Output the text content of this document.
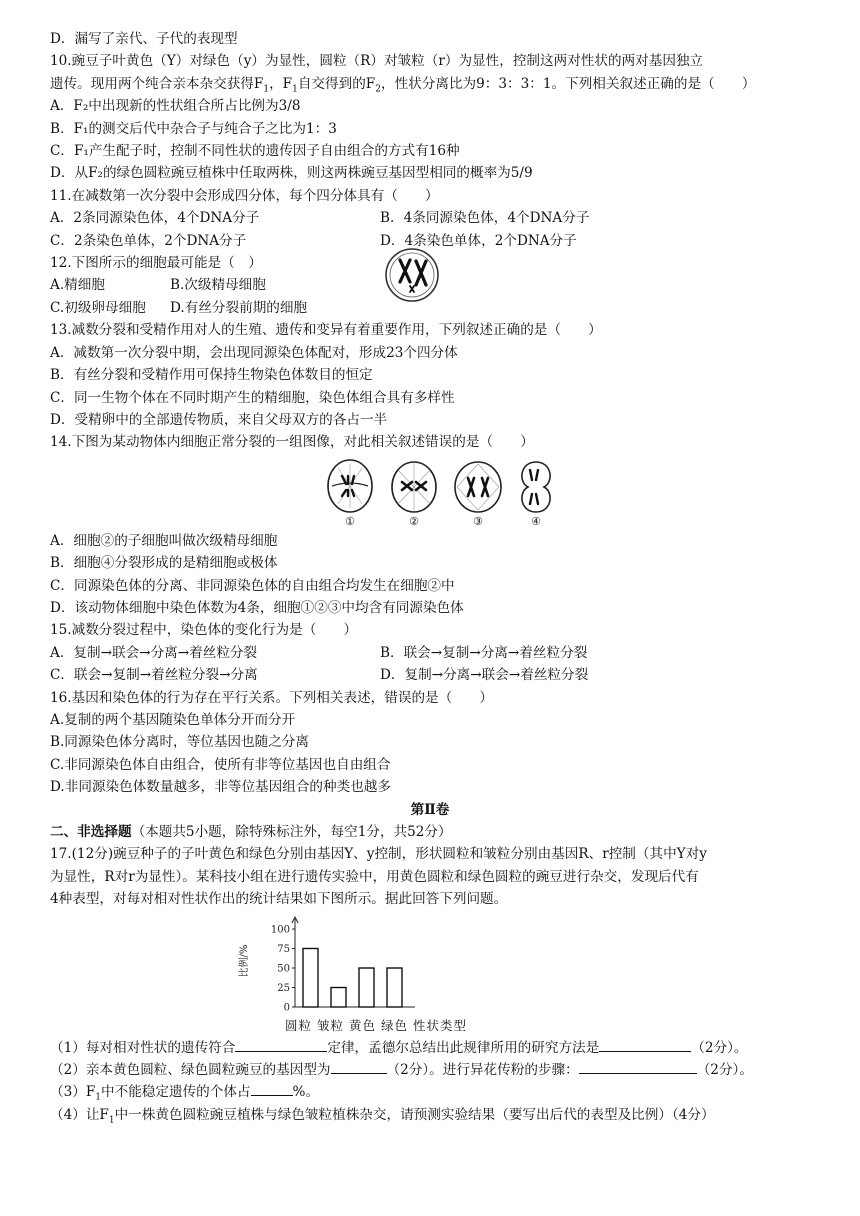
D．漏写了亲代、子代的表现型
10.豌豆子叶黄色（Y）对绿色（y）为显性，圆粒（R）对皱粒（r）为显性，控制这两对性状的两对基因独立
遗传。现用两个纯合亲本杂交获得$F_1$，$F_1$自交得到的$F_2$，性状分离比为9：3：3：1。下列相关叙述正确的是（　　）
A．F₂中出现新的性状组合所占比例为3/8
B．F₁的测交后代中杂合子与纯合子之比为1：3
C．F₁产生配子时，控制不同性状的遗传因子自由组合的方式有16种
D．从F₂的绿色圆粒豌豆植株中任取两株，则这两株豌豆基因型相同的概率为5/9
11.在减数第一次分裂中会形成四分体，每个四分体具有（　　）
A．2条同源染色体，4个DNA分子	B．4条同源染色体，4个DNA分子
C．2条染色单体，2个DNA分子	D．4条染色单体，2个DNA分子
12.下图所示的细胞最可能是（　）
A.精细胞	B.次级精母细胞
C.初级卵母细胞	D.有丝分裂前期的细胞
13.减数分裂和受精作用对人的生殖、遗传和变异有着重要作用，下列叙述正确的是（　　）
A．减数第一次分裂中期，会出现同源染色体配对，形成23个四分体
B．有丝分裂和受精作用可保持生物染色体数目的恒定
C．同一生物个体在不同时期产生的精细胞，染色体组合具有多样性
D．受精卵中的全部遗传物质，来自父母双方的各占一半
14.下图为某动物体内细胞正常分裂的一组图像，对此相关叙述错误的是（　　）
①	②	③	④
A．细胞②的子细胞叫做次级精母细胞
B．细胞④分裂形成的是精细胞或极体
C．同源染色体的分离、非同源染色体的自由组合均发生在细胞②中
D．该动物体细胞中染色体数为4条，细胞①②③中均含有同源染色体
15.减数分裂过程中，染色体的变化行为是（　　）
A．复制→联会→分离→着丝粒分裂	B．联会→复制→分离→着丝粒分裂
C．联会→复制→着丝粒分裂→分离	D．复制→分离→联会→着丝粒分裂
16.基因和染色体的行为存在平行关系。下列相关表述，错误的是（　　）
A.复制的两个基因随染色单体分开而分开
B.同源染色体分离时，等位基因也随之分离
C.非同源染色体自由组合，使所有非等位基因也自由组合
D.非同源染色体数量越多，非等位基因组合的种类也越多
第Ⅱ卷
二、非选择题（本题共5小题，除特殊标注外，每空1分，共52分）
17.(12分)豌豆种子的子叶黄色和绿色分别由基因Y、y控制，形状圆粒和皱粒分别由基因R、r控制（其中Y对y
为显性，R对r为显性）。某科技小组在进行遗传实验中，用黄色圆粒和绿色圆粒的豌豆进行杂交，发现后代有
4种表型，对每对相对性状作出的统计结果如下图所示。据此回答下列问题。
比例/%
0
25
50
75
100
圆粒 皱粒 黄色 绿色 性状类型
（1）每对相对性状的遗传符合	定律，孟德尔总结出此规律所用的研究方法是	（2分）。
（2）亲本黄色圆粒、绿色圆粒豌豆的基因型为	（2分）。进行异花传粉的步骤：	（2分）。
$(3)F_1$中不能稳定遗传的个体占	%。
（4）让$F_1$中一株黄色圆粒豌豆植株与绿色皱粒植株杂交，请预测实验结果（要写出后代的表型及比例）（4分）
